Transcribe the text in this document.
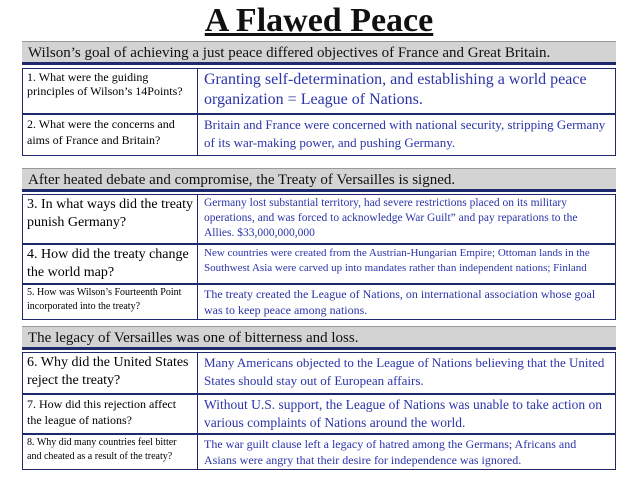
A Flawed Peace
Wilson’s goal of achieving a just peace differed objectives of France and Great Britain.
1. What were the guiding principles of Wilson’s 14Points?
Granting self-determination, and establishing a world peace organization = League of Nations.
2. What were the concerns and aims of France and Britain?
Britain and France were concerned with national security, stripping Germany of its war-making power, and pushing Germany.
After heated debate and compromise, the Treaty of Versailles is signed.
3. In what ways did the treaty punish Germany?
Germany lost substantial territory, had severe restrictions placed on its military operations, and was forced to acknowledge War Guilt” and pay reparations to the Allies. $33,000,000,000
4. How did the treaty change the world map?
New countries were created from the Austrian-Hungarian Empire; Ottoman lands in the Southwest Asia were carved up into mandates rather than independent nations; Finland
5. How was Wilson’s Fourteenth Point incorporated into the treaty?
The treaty created the League of Nations, on international association whose goal was to keep peace among nations.
The legacy of Versailles was one of bitterness and loss.
6. Why did the United States reject the treaty?
Many Americans objected to the League of Nations believing that the United States should stay out of European affairs.
7. How did this rejection affect the league of nations?
Without U.S. support, the League of Nations was unable to take action on various complaints of Nations around the world.
8. Why did many countries feel bitter and cheated as a result of the treaty?
The war guilt clause left a legacy of hatred among the Germans; Africans and Asians were angry that their desire for independence was ignored.
